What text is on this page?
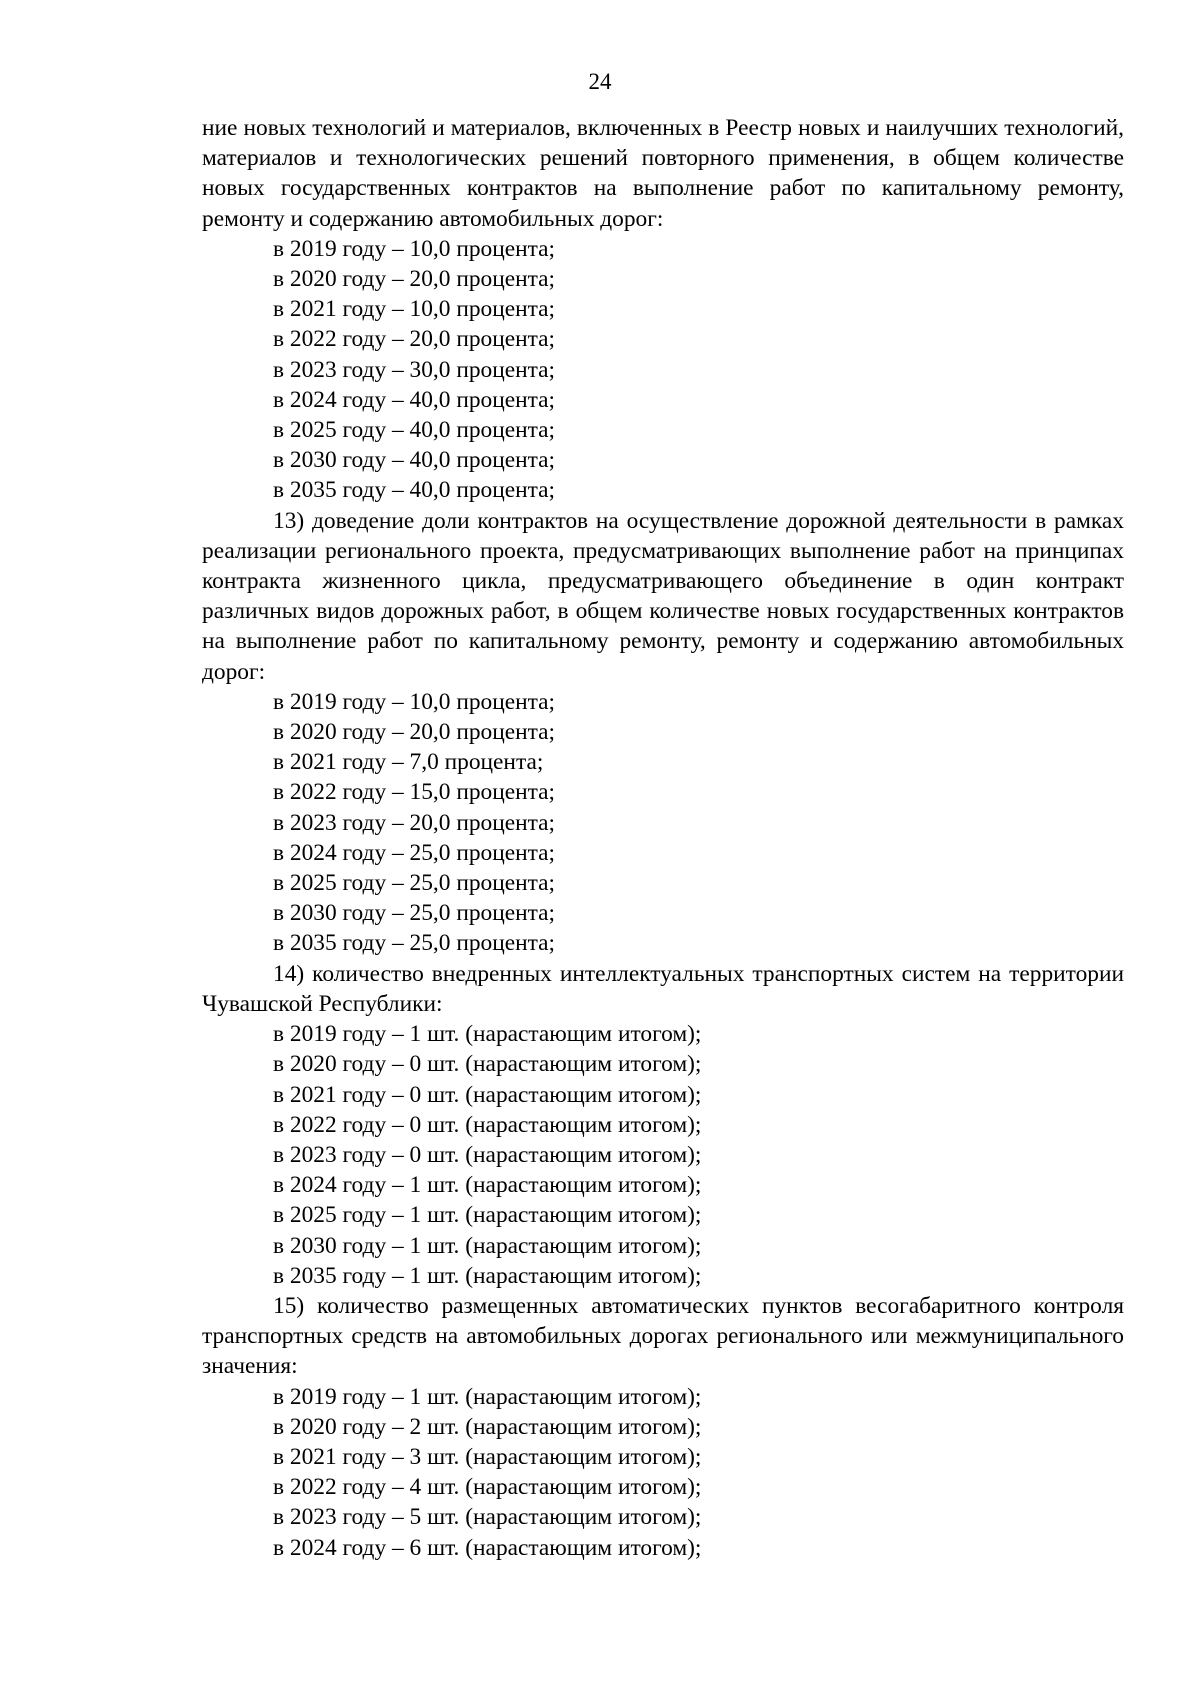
24

ние новых технологий и материалов, включенных в Реестр новых и наилучших технологий, материалов и технологических решений повторного применения, в общем количестве новых государственных контрактов на выполнение работ по капитальному ремонту, ремонту и содержанию автомобильных дорог:

в 2019 году – 10,0 процента;

в 2020 году – 20,0 процента;

в 2021 году – 10,0 процента;

в 2022 году – 20,0 процента;

в 2023 году – 30,0 процента;

в 2024 году – 40,0 процента;

в 2025 году – 40,0 процента;

в 2030 году – 40,0 процента;

в 2035 году – 40,0 процента;

13) доведение доли контрактов на осуществление дорожной деятельности в рамках реализации регионального проекта, предусматривающих выполнение работ на принципах контракта жизненного цикла, предусматривающего объединение в один контракт различных видов дорожных работ, в общем количестве новых государственных контрактов на выполнение работ по капитальному ремонту, ремонту и содержанию автомобильных дорог:

в 2019 году – 10,0 процента;

в 2020 году – 20,0 процента;

в 2021 году – 7,0 процента;

в 2022 году – 15,0 процента;

в 2023 году – 20,0 процента;

в 2024 году – 25,0 процента;

в 2025 году – 25,0 процента;

в 2030 году – 25,0 процента;

в 2035 году – 25,0 процента;

14) количество внедренных интеллектуальных транспортных систем на территории Чувашской Республики:

в 2019 году – 1 шт. (нарастающим итогом);

в 2020 году – 0 шт. (нарастающим итогом);

в 2021 году – 0 шт. (нарастающим итогом);

в 2022 году – 0 шт. (нарастающим итогом);

в 2023 году – 0 шт. (нарастающим итогом);

в 2024 году – 1 шт. (нарастающим итогом);

в 2025 году – 1 шт. (нарастающим итогом);

в 2030 году – 1 шт. (нарастающим итогом);

в 2035 году – 1 шт. (нарастающим итогом);

15) количество размещенных автоматических пунктов весогабаритного контроля транспортных средств на автомобильных дорогах регионального или межмуниципального значения:

в 2019 году – 1 шт. (нарастающим итогом);

в 2020 году – 2 шт. (нарастающим итогом);

в 2021 году – 3 шт. (нарастающим итогом);

в 2022 году – 4 шт. (нарастающим итогом);

в 2023 году – 5 шт. (нарастающим итогом);

в 2024 году – 6 шт. (нарастающим итогом);
